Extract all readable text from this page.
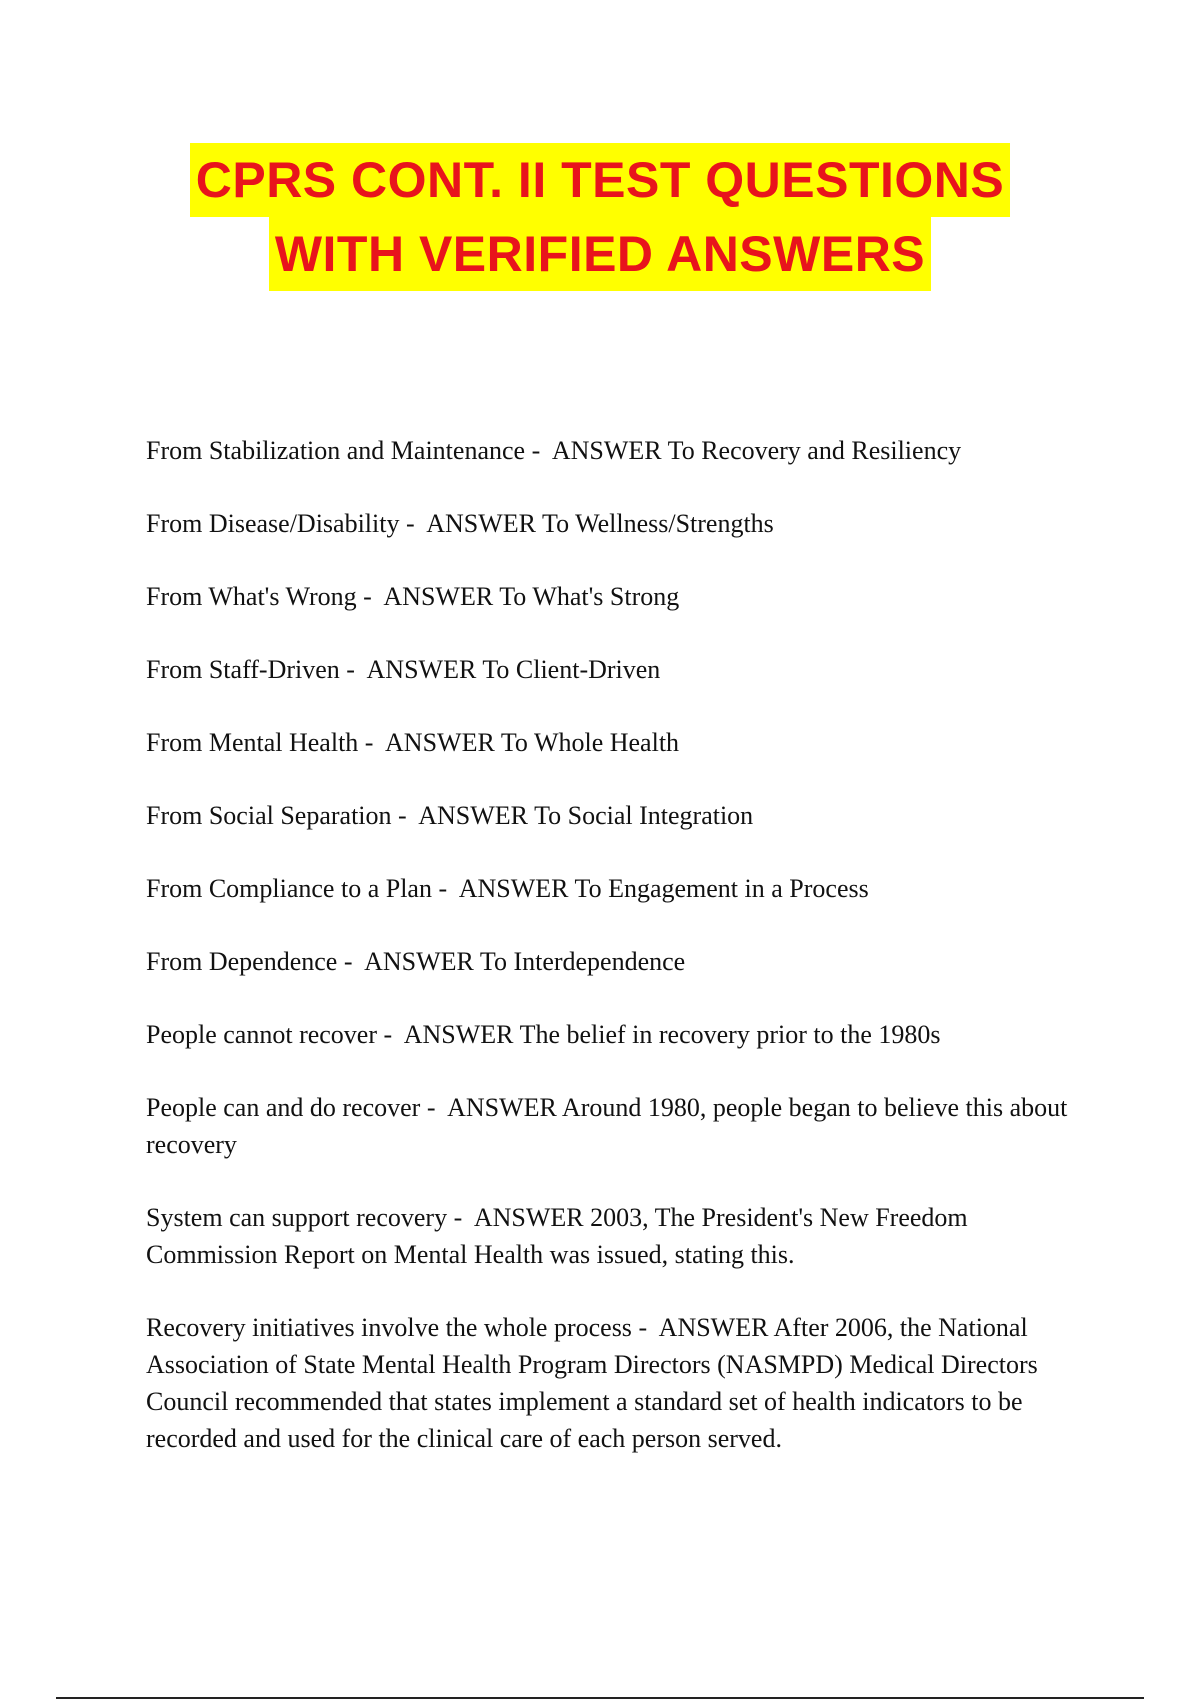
CPRS CONT. II TEST QUESTIONS
WITH VERIFIED ANSWERS
From Stabilization and Maintenance -  ANSWER To Recovery and Resiliency
From Disease/Disability -  ANSWER To Wellness/Strengths
From What's Wrong -  ANSWER To What's Strong
From Staff-Driven -  ANSWER To Client-Driven
From Mental Health -  ANSWER To Whole Health
From Social Separation -  ANSWER To Social Integration
From Compliance to a Plan -  ANSWER To Engagement in a Process
From Dependence -  ANSWER To Interdependence
People cannot recover -  ANSWER The belief in recovery prior to the 1980s
People can and do recover -  ANSWER Around 1980, people began to believe this about recovery
System can support recovery -  ANSWER 2003, The President's New Freedom Commission Report on Mental Health was issued, stating this.
Recovery initiatives involve the whole process -  ANSWER After 2006, the National Association of State Mental Health Program Directors (NASMPD) Medical Directors Council recommended that states implement a standard set of health indicators to be recorded and used for the clinical care of each person served.
